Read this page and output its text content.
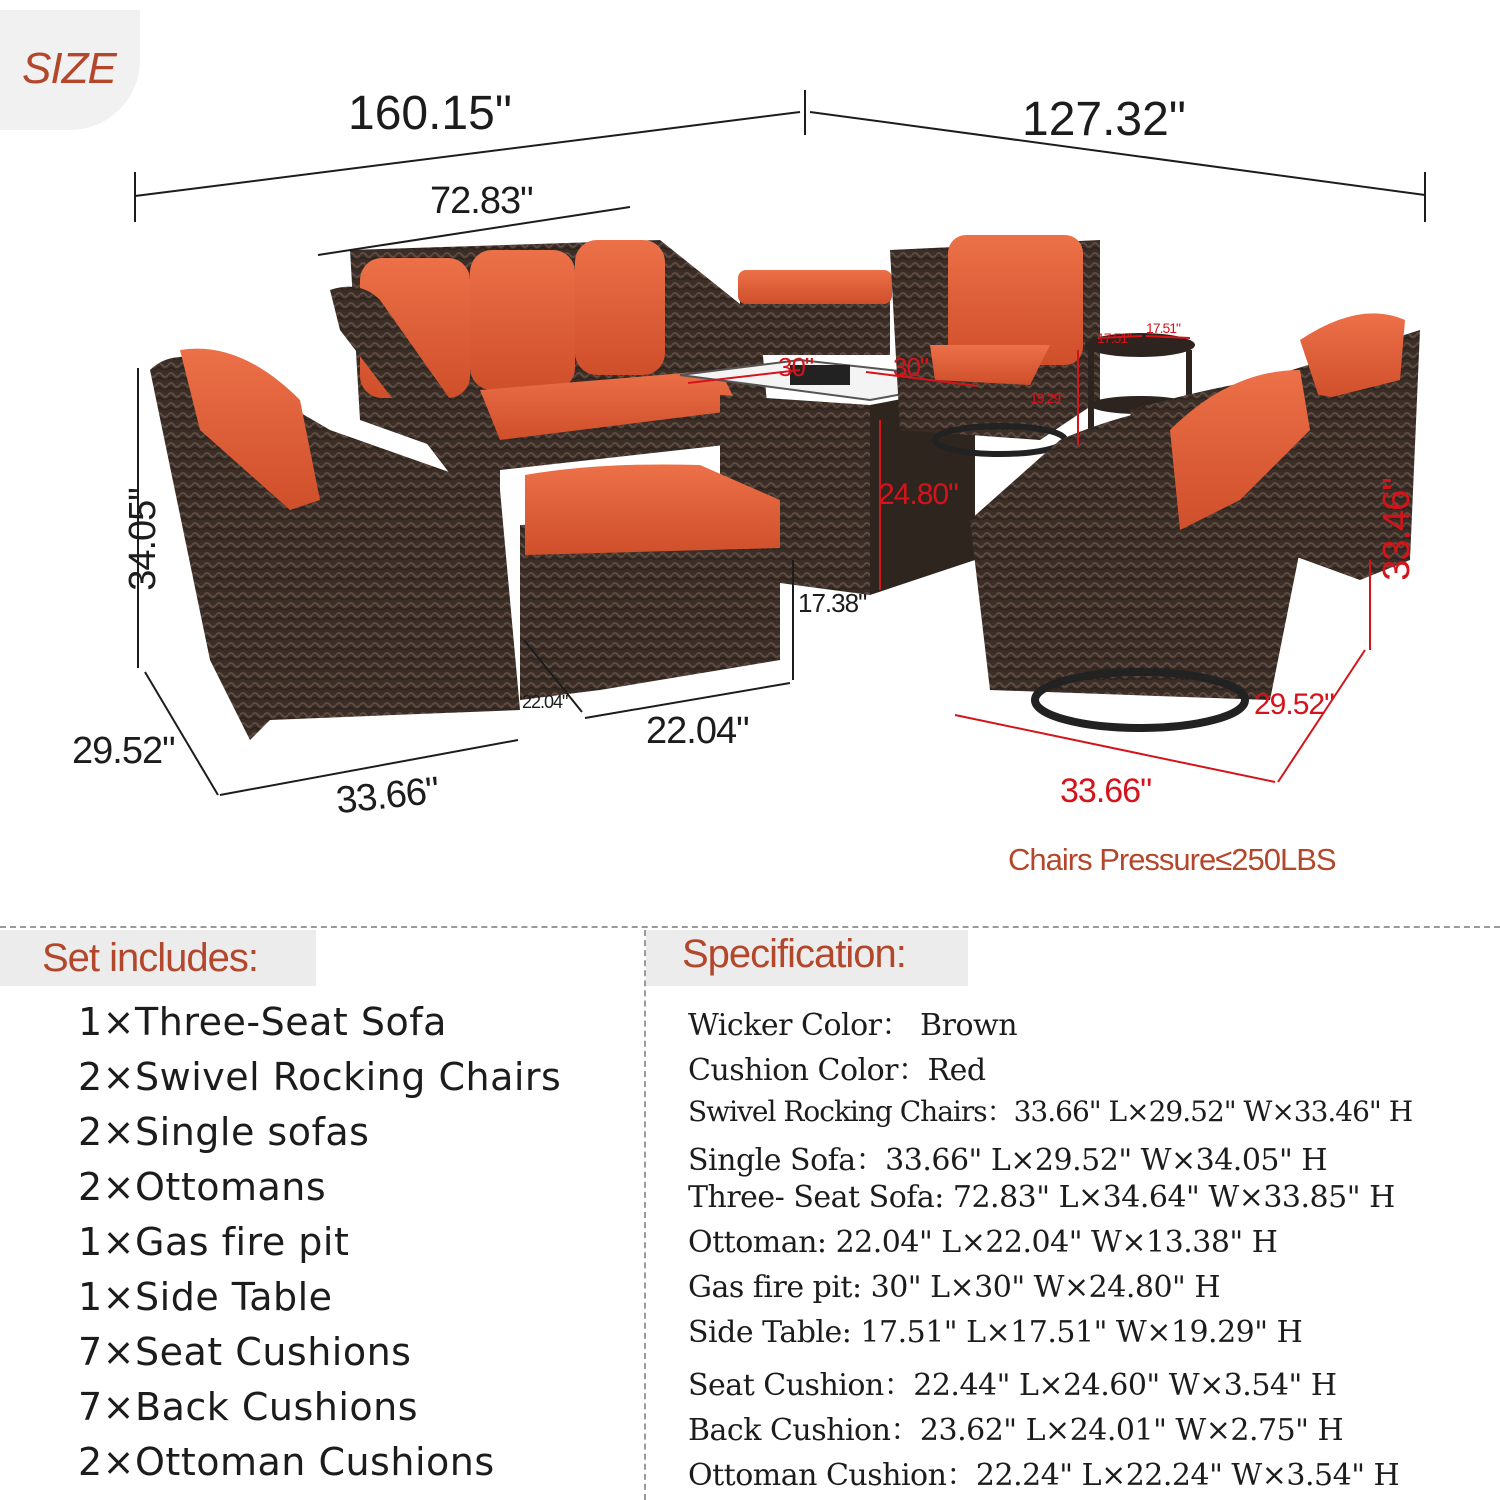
SIZE
160.15"	127.32"
72.83"
34.05"
29.52"
33.66"
22.04"
22.04"
17.38"
30"	30"
24.80"
17.51"
17.51"
19.29"
33.46"
29.52"
33.66"
Chairs Pressure≤250LBS
Set includes:
1×Three-Seat Sofa
2×Swivel Rocking Chairs
2×Single sofas
2×Ottomans
1×Gas fire pit
1×Side Table
7×Seat Cushions
7×Back Cushions
2×Ottoman Cushions
Specification:
Wicker Color： Brown
Cushion Color：Red
Swivel Rocking Chairs：33.66" L×29.52" W×33.46" H
Single Sofa：33.66" L×29.52" W×34.05" H
Three- Seat Sofa: 72.83" L×34.64" W×33.85" H
Ottoman: 22.04" L×22.04" W×13.38" H
Gas fire pit: 30" L×30" W×24.80" H
Side Table: 17.51" L×17.51" W×19.29" H
Seat Cushion：22.44" L×24.60" W×3.54" H
Back Cushion：23.62" L×24.01" W×2.75" H
Ottoman Cushion：22.24" L×22.24" W×3.54" H
